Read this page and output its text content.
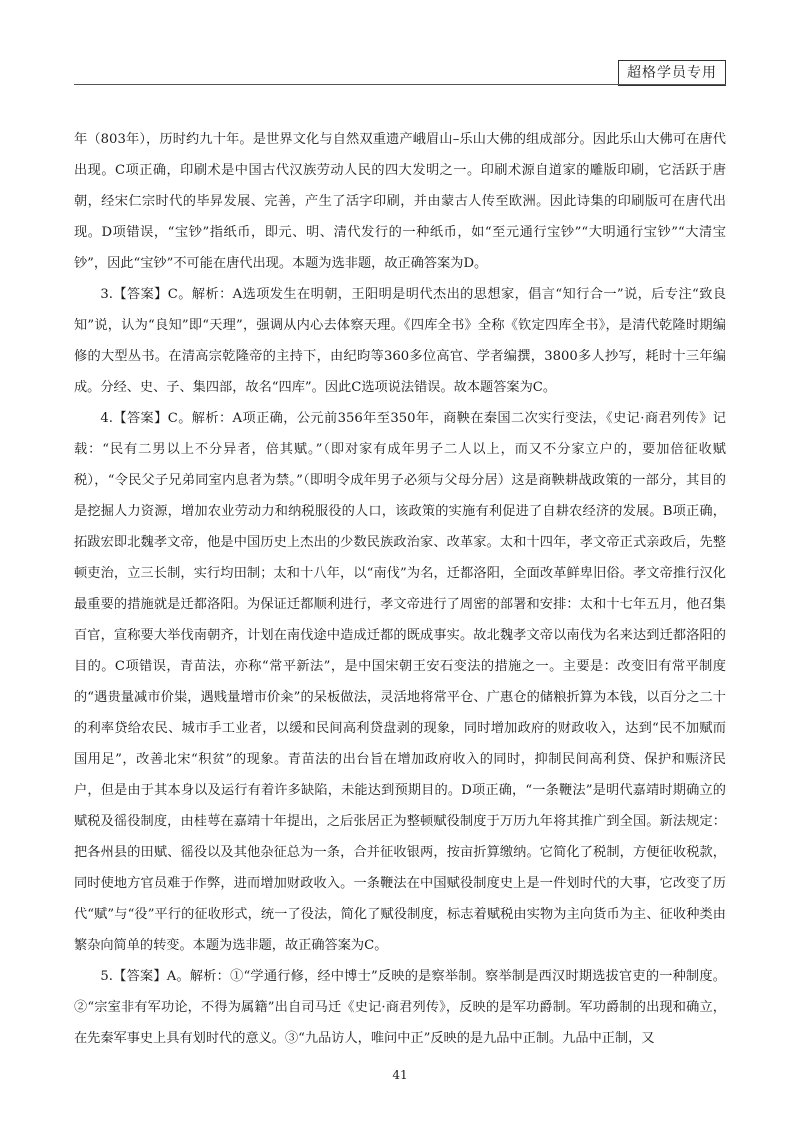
超格学员专用

年（803年），历时约九十年。是世界文化与自然双重遗产峨眉山–乐山大佛的组成部分。因此乐山大佛可在唐代出现。C项正确，印刷术是中国古代汉族劳动人民的四大发明之一。印刷术源自道家的雕版印刷，它活跃于唐朝，经宋仁宗时代的毕昇发展、完善，产生了活字印刷，并由蒙古人传至欧洲。因此诗集的印刷版可在唐代出现。D项错误，“宝钞”指纸币，即元、明、清代发行的一种纸币，如“至元通行宝钞”“大明通行宝钞”“大清宝钞”，因此“宝钞”不可能在唐代出现。本题为选非题，故正确答案为D。

3.【答案】C。解析：A选项发生在明朝，王阳明是明代杰出的思想家，倡言“知行合一”说，后专注“致良知”说，认为“良知”即“天理”，强调从内心去体察天理。《四库全书》全称《钦定四库全书》，是清代乾隆时期编修的大型丛书。在清高宗乾隆帝的主持下，由纪昀等360多位高官、学者编撰，3800多人抄写，耗时十三年编成。分经、史、子、集四部，故名“四库”。因此C选项说法错误。故本题答案为C。

4.【答案】C。解析：A项正确，公元前356年至350年，商鞅在秦国二次实行变法，《史记·商君列传》记载：“民有二男以上不分异者，倍其赋。”（即对家有成年男子二人以上，而又不分家立户的，要加倍征收赋税），“令民父子兄弟同室内息者为禁。”（即明令成年男子必须与父母分居）这是商鞅耕战政策的一部分，其目的是挖掘人力资源，增加农业劳动力和纳税服役的人口，该政策的实施有利促进了自耕农经济的发展。B项正确，拓跋宏即北魏孝文帝，他是中国历史上杰出的少数民族政治家、改革家。太和十四年，孝文帝正式亲政后，先整顿吏治，立三长制，实行均田制；太和十八年，以“南伐”为名，迁都洛阳，全面改革鲜卑旧俗。孝文帝推行汉化最重要的措施就是迁都洛阳。为保证迁都顺利进行，孝文帝进行了周密的部署和安排：太和十七年五月，他召集百官，宣称要大举伐南朝齐，计划在南伐途中造成迁都的既成事实。故北魏孝文帝以南伐为名来达到迁都洛阳的目的。C项错误，青苗法，亦称“常平新法”，是中国宋朝王安石变法的措施之一。主要是：改变旧有常平制度的“遇贵量减市价粜，遇贱量增市价籴”的呆板做法，灵活地将常平仓、广惠仓的储粮折算为本钱，以百分之二十的利率贷给农民、城市手工业者，以缓和民间高利贷盘剥的现象，同时增加政府的财政收入，达到“民不加赋而国用足”，改善北宋“积贫”的现象。青苗法的出台旨在增加政府收入的同时，抑制民间高利贷、保护和赈济民户，但是由于其本身以及运行有着许多缺陷，未能达到预期目的。D项正确，“一条鞭法”是明代嘉靖时期确立的赋税及徭役制度，由桂萼在嘉靖十年提出，之后张居正为整顿赋役制度于万历九年将其推广到全国。新法规定：把各州县的田赋、徭役以及其他杂征总为一条，合并征收银两，按亩折算缴纳。它简化了税制，方便征收税款，同时使地方官员难于作弊，进而增加财政收入。一条鞭法在中国赋役制度史上是一件划时代的大事，它改变了历代“赋”与“役”平行的征收形式，统一了役法，简化了赋役制度，标志着赋税由实物为主向货币为主、征收种类由繁杂向简单的转变。本题为选非题，故正确答案为C。

5.【答案】A。解析：①“学通行修，经中博士”反映的是察举制。察举制是西汉时期选拔官吏的一种制度。②“宗室非有军功论，不得为属籍”出自司马迁《史记·商君列传》，反映的是军功爵制。军功爵制的出现和确立，在先秦军事史上具有划时代的意义。③“九品访人，唯问中正”反映的是九品中正制。九品中正制，又

41
